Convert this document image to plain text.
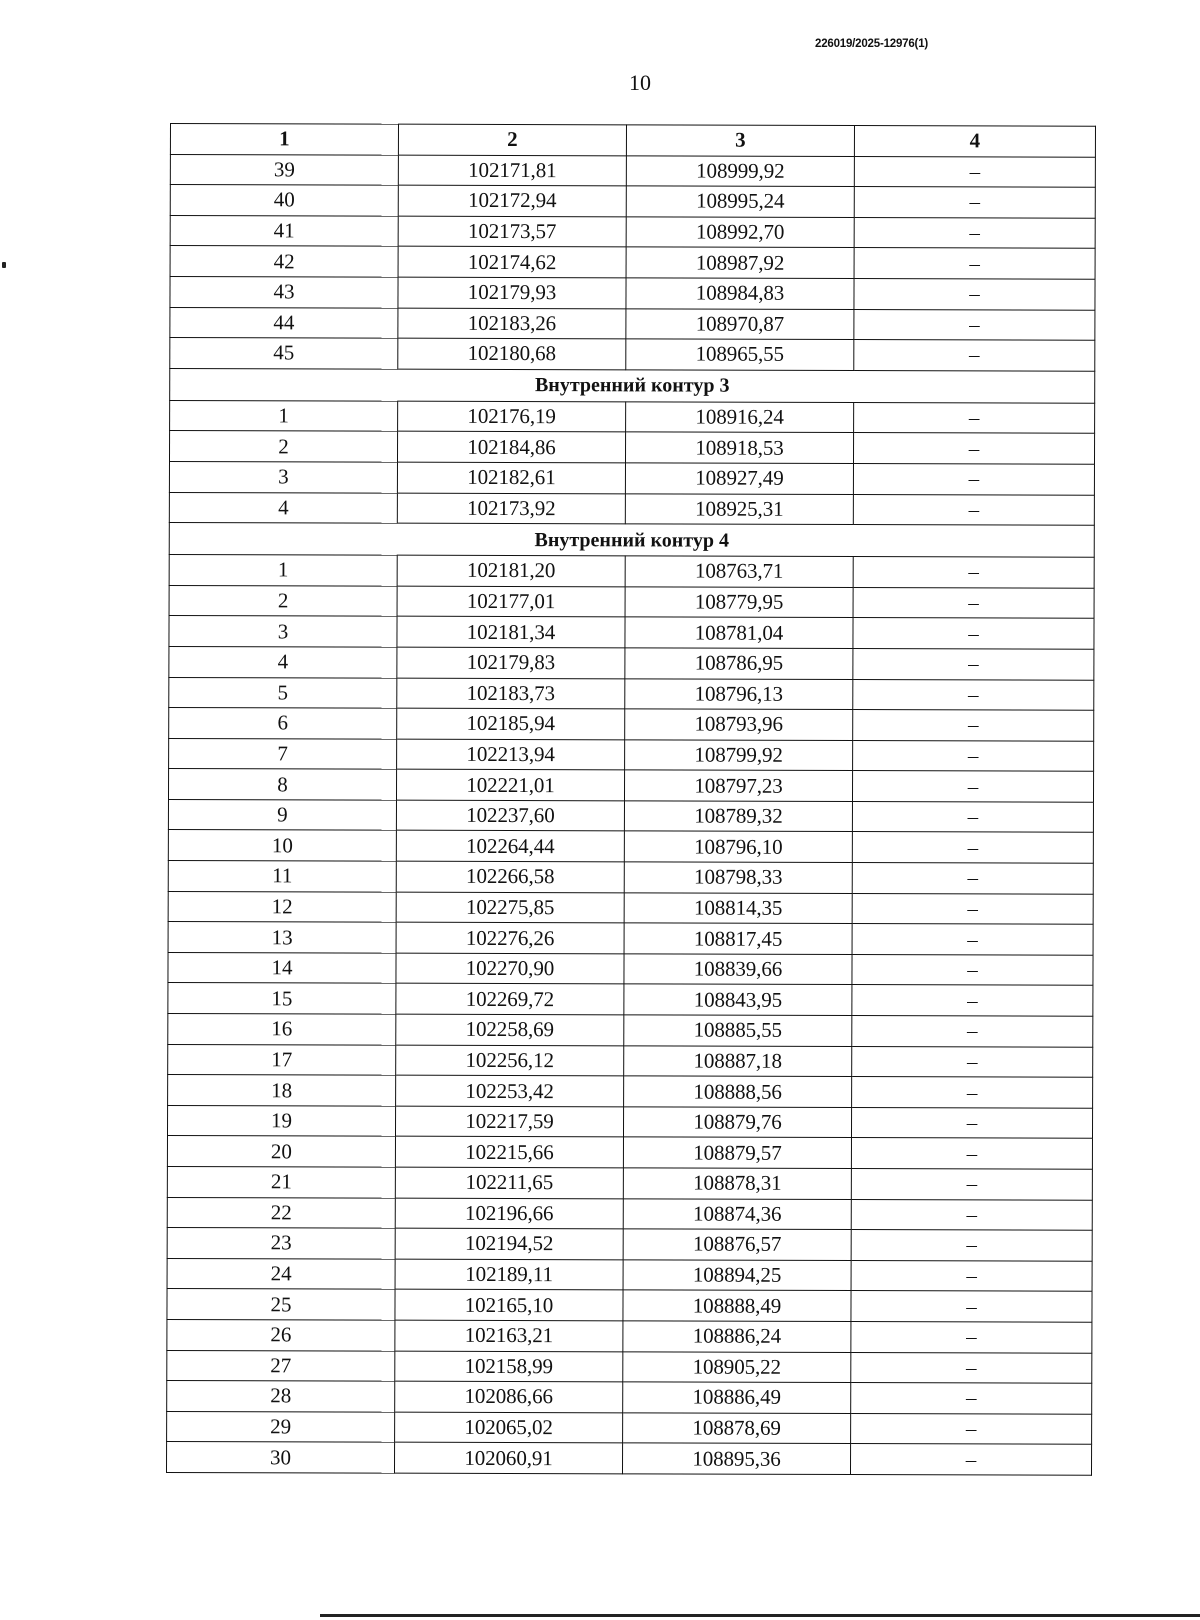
226019/2025-12976(1)
10
1	2	3	4
39	102171,81	108999,92	–
40	102172,94	108995,24	–
41	102173,57	108992,70	–
42	102174,62	108987,92	–
43	102179,93	108984,83	–
44	102183,26	108970,87	–
45	102180,68	108965,55	–
Внутренний контур 3			
1	102176,19	108916,24	–
2	102184,86	108918,53	–
3	102182,61	108927,49	–
4	102173,92	108925,31	–
Внутренний контур 4			
1	102181,20	108763,71	–
2	102177,01	108779,95	–
3	102181,34	108781,04	–
4	102179,83	108786,95	–
5	102183,73	108796,13	–
6	102185,94	108793,96	–
7	102213,94	108799,92	–
8	102221,01	108797,23	–
9	102237,60	108789,32	–
10	102264,44	108796,10	–
11	102266,58	108798,33	–
12	102275,85	108814,35	–
13	102276,26	108817,45	–
14	102270,90	108839,66	–
15	102269,72	108843,95	–
16	102258,69	108885,55	–
17	102256,12	108887,18	–
18	102253,42	108888,56	–
19	102217,59	108879,76	–
20	102215,66	108879,57	–
21	102211,65	108878,31	–
22	102196,66	108874,36	–
23	102194,52	108876,57	–
24	102189,11	108894,25	–
25	102165,10	108888,49	–
26	102163,21	108886,24	–
27	102158,99	108905,22	–
28	102086,66	108886,49	–
29	102065,02	108878,69	–
30	102060,91	108895,36	–
